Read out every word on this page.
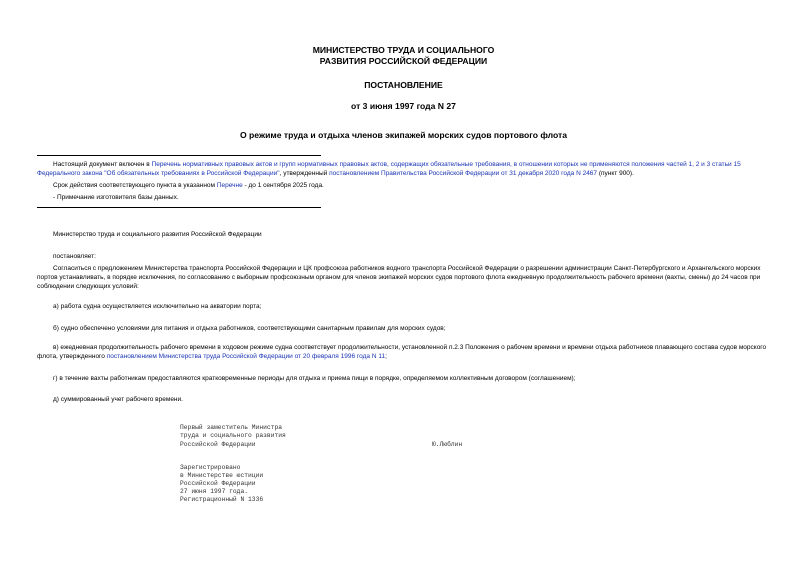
МИНИСТЕРСТВО ТРУДА И СОЦИАЛЬНОГО
РАЗВИТИЯ РОССИЙСКОЙ ФЕДЕРАЦИИ
ПОСТАНОВЛЕНИЕ
от 3 июня 1997 года N 27
О режиме труда и отдыха членов экипажей морских судов портового флота

Настоящий документ включен в Перечень нормативных правовых актов и групп нормативных правовых актов, содержащих обязательные требования, в отношении которых не применяются положения частей 1, 2 и 3 статьи 15 Федерального закона "Об обязательных требованиях в Российской Федерации", утвержденный постановлением Правительства Российской Федерации от 31 декабря 2020 года N 2467 (пункт 900).

Срок действия соответствующего пункта в указанном Перечне - до 1 сентября 2025 года.

- Примечание изготовителя базы данных.

Министерство труда и социального развития Российской Федерации

постановляет:

Согласиться с предложением Министерства транспорта Российской Федерации и ЦК профсоюза работников водного транспорта Российской Федерации о разрешении администрации Санкт-Петербургского и Архангельского морских портов устанавливать, в порядке исключения, по согласованию с выборным профсоюзным органом для членов экипажей морских судов портового флота ежедневную продолжительность рабочего времени (вахты, смены) до 24 часов при соблюдении следующих условий:

а) работа судна осуществляется исключительно на акватории порта;

б) судно обеспечено условиями для питания и отдыха работников, соответствующими санитарным правилам для морских судов;

в) ежедневная продолжительность рабочего времени в ходовом режиме судна соответствует продолжительности, установленной п.2.3 Положения о рабочем времени и времени отдыха работников плавающего состава судов морского флота, утвержденного постановлением Министерства труда Российской Федерации от 20 февраля 1996 года N 11;

г) в течение вахты работникам предоставляются кратковременные периоды для отдыха и приема пищи в порядке, определяемом коллективным договором (соглашением);

д) суммированный учет рабочего времени.

Первый заместитель Министра
труда и социального развития
Российской Федерации	Ю.Люблин
Зарегистрировано
в Министерстве юстиции
Российской Федерации
27 июня 1997 года.
Регистрационный N 1336
